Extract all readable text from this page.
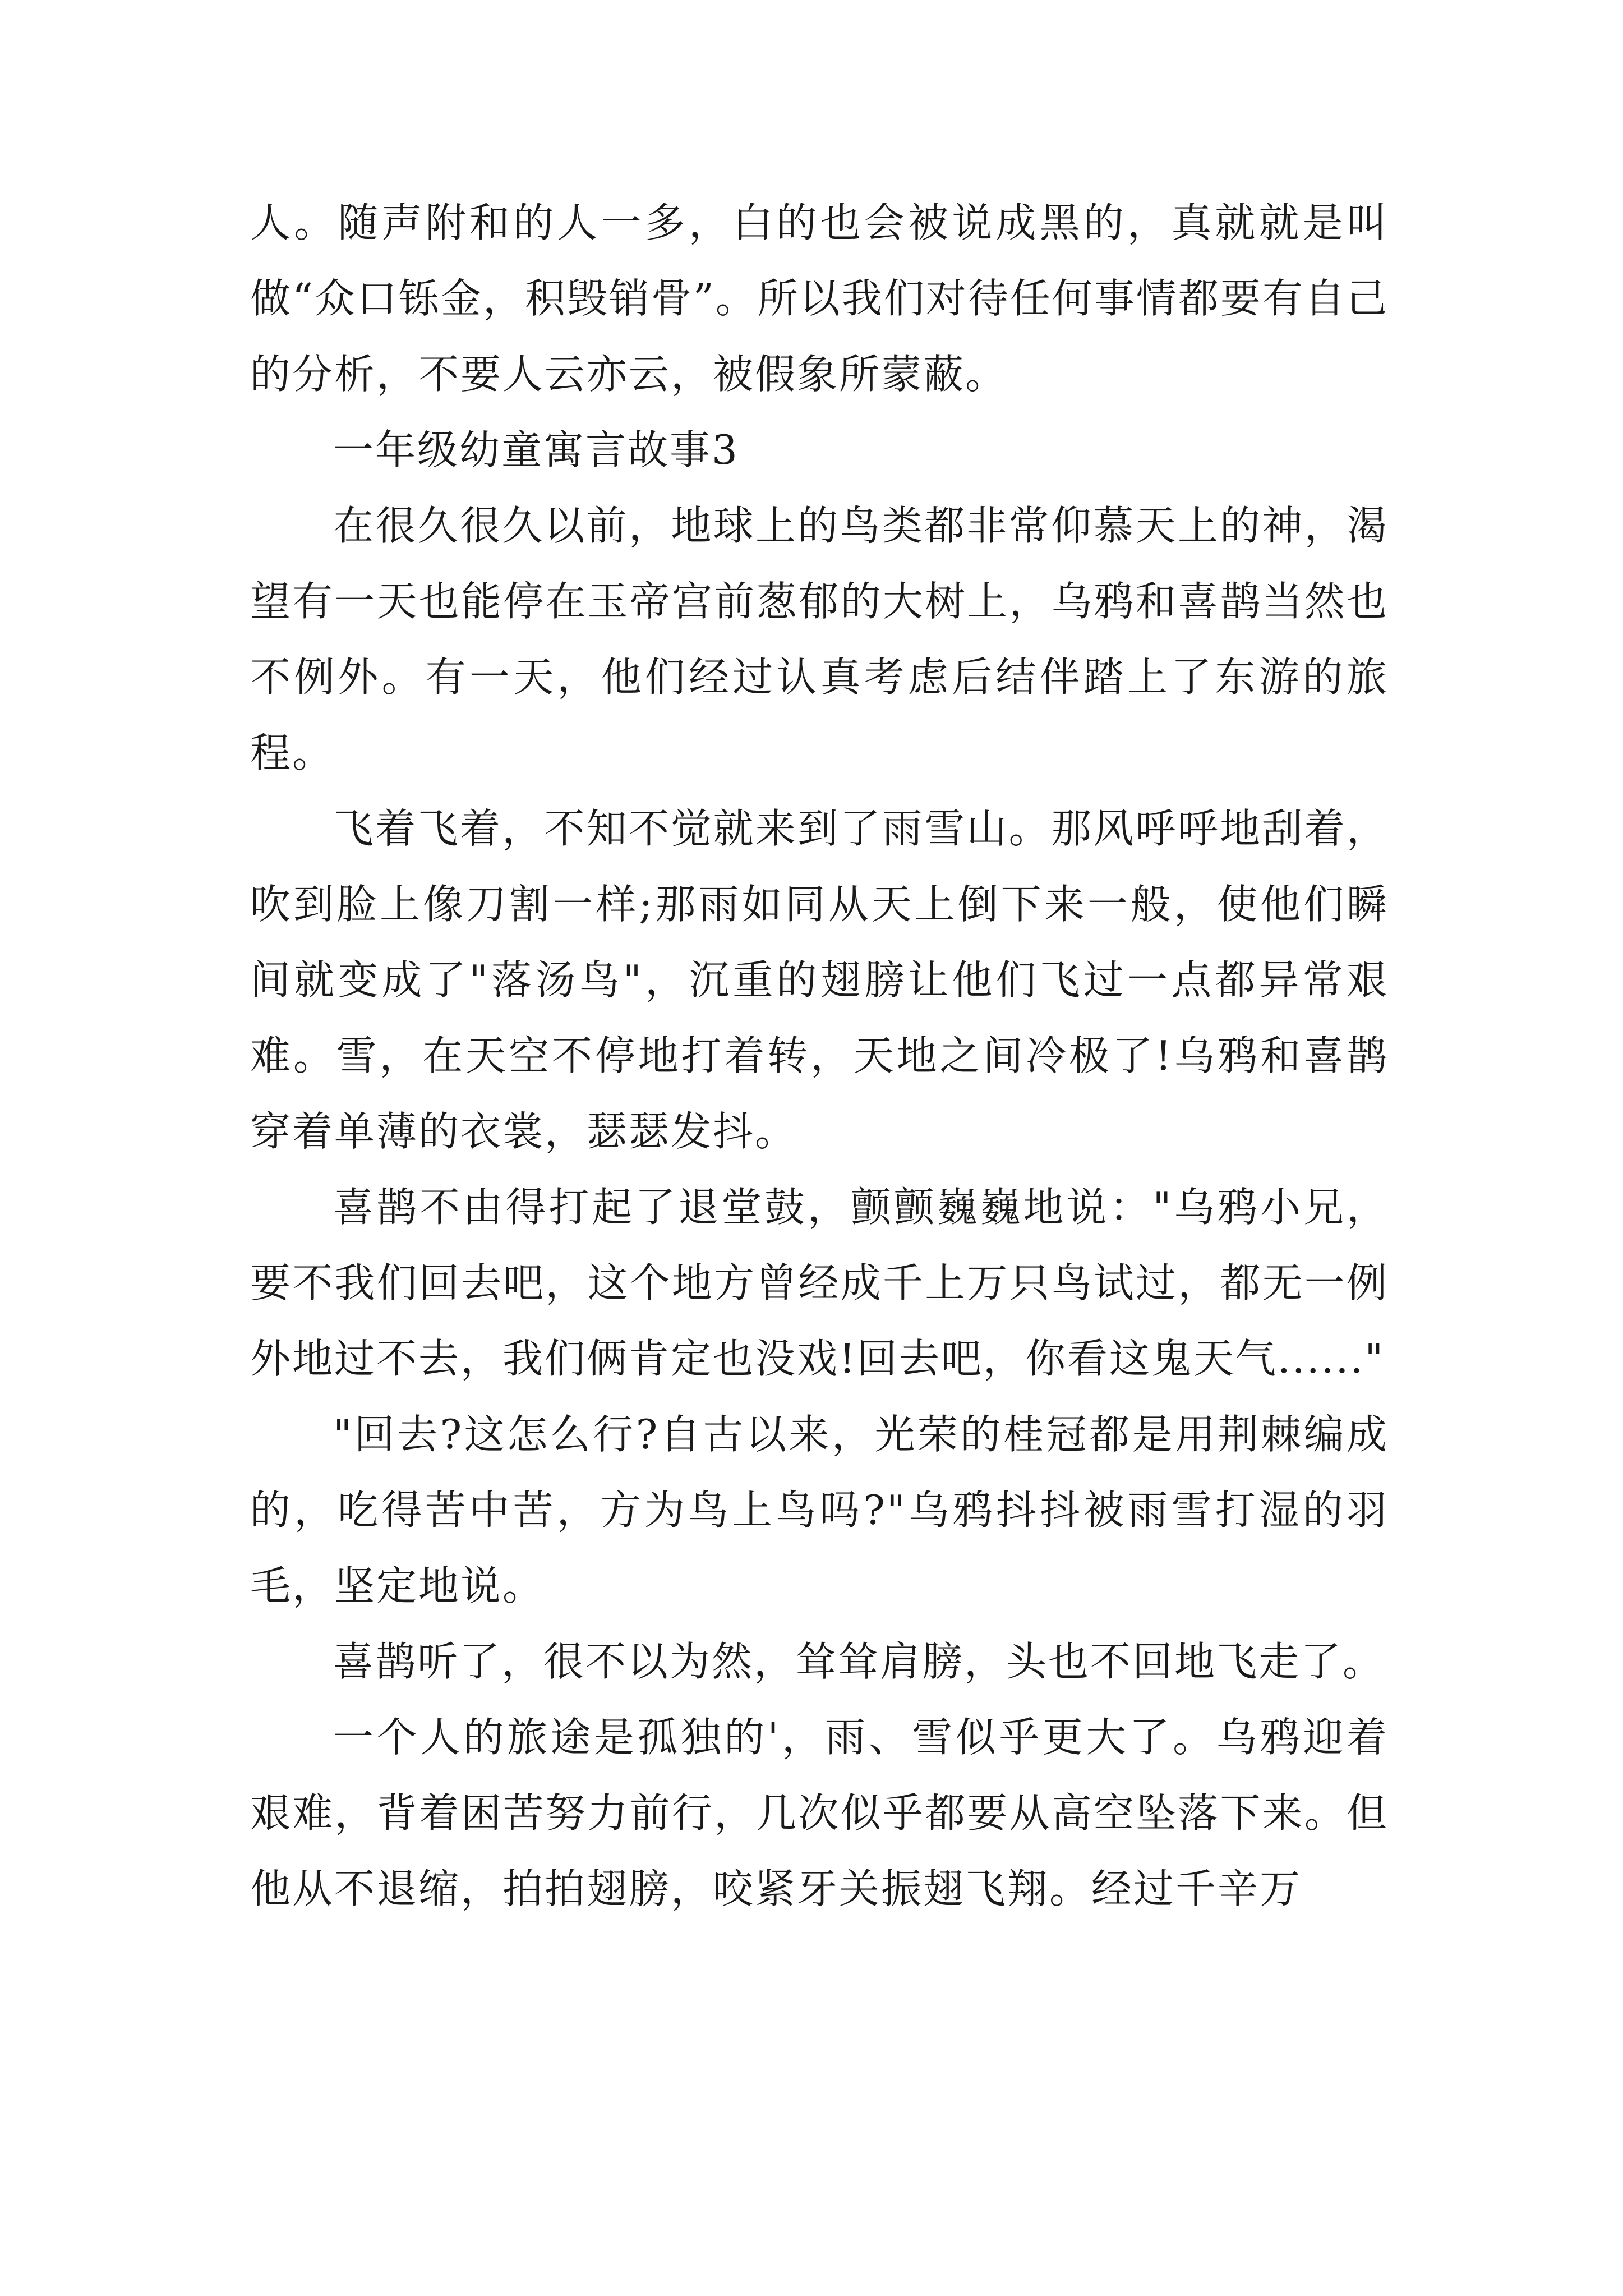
人。随声附和的人一多，白的也会被说成黑的，真就就是叫做“众口铄金，积毁销骨”。所以我们对待任何事情都要有自己的分析，不要人云亦云，被假象所蒙蔽。

一年级幼童寓言故事3

在很久很久以前，地球上的鸟类都非常仰慕天上的神，渴望有一天也能停在玉帝宫前葱郁的大树上，乌鸦和喜鹊当然也不例外。有一天，他们经过认真考虑后结伴踏上了东游的旅程。

飞着飞着，不知不觉就来到了雨雪山。那风呼呼地刮着，吹到脸上像刀割一样;那雨如同从天上倒下来一般，使他们瞬间就变成了"落汤鸟"，沉重的翅膀让他们飞过一点都异常艰难。雪，在天空不停地打着转，天地之间冷极了!乌鸦和喜鹊穿着单薄的衣裳，瑟瑟发抖。

喜鹊不由得打起了退堂鼓，颤颤巍巍地说："乌鸦小兄，要不我们回去吧，这个地方曾经成千上万只鸟试过，都无一例外地过不去，我们俩肯定也没戏!回去吧，你看这鬼天气......"

"回去?这怎么行?自古以来，光荣的桂冠都是用荆棘编成的，吃得苦中苦，方为鸟上鸟吗?"乌鸦抖抖被雨雪打湿的羽毛，坚定地说。

喜鹊听了，很不以为然，耸耸肩膀，头也不回地飞走了。

一个人的旅途是孤独的'，雨、雪似乎更大了。乌鸦迎着艰难，背着困苦努力前行，几次似乎都要从高空坠落下来。但他从不退缩，拍拍翅膀，咬紧牙关振翅飞翔。经过千辛万
